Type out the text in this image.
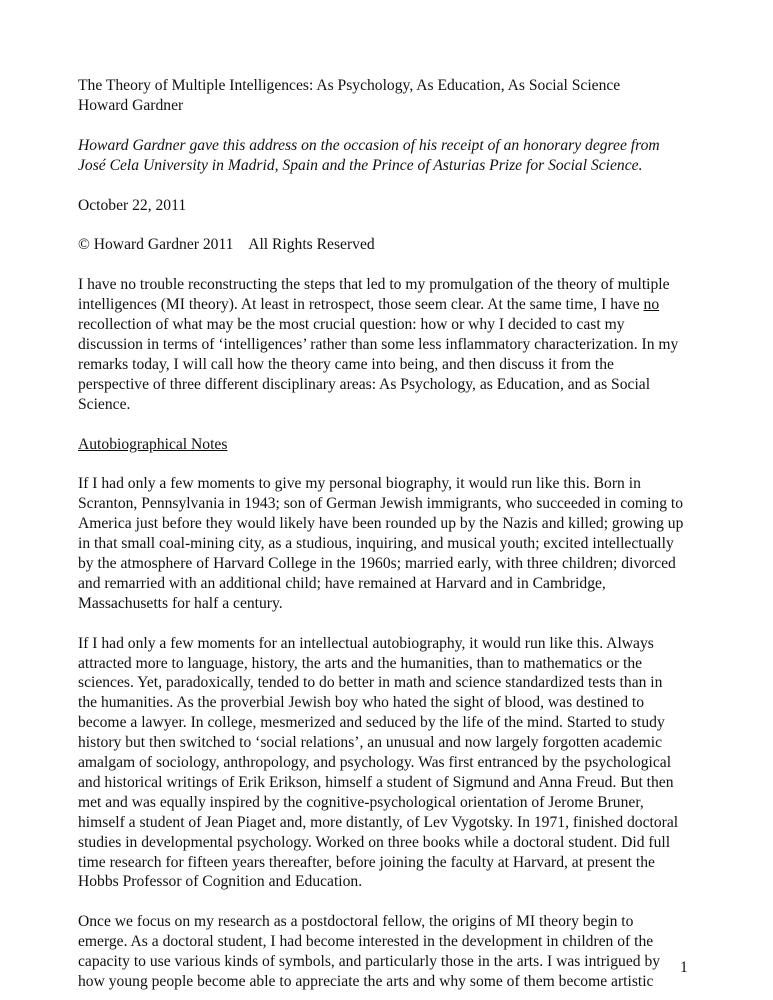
The Theory of Multiple Intelligences: As Psychology, As Education, As Social Science
Howard Gardner
Howard Gardner gave this address on the occasion of his receipt of an honorary degree from
José Cela University in Madrid, Spain and the Prince of Asturias Prize for Social Science.
October 22, 2011
© Howard Gardner 2011    All Rights Reserved
I have no trouble reconstructing the steps that led to my promulgation of the theory of multiple
intelligences (MI theory). At least in retrospect, those seem clear. At the same time, I have no
recollection of what may be the most crucial question: how or why I decided to cast my
discussion in terms of ‘intelligences’ rather than some less inflammatory characterization. In my
remarks today, I will call how the theory came into being, and then discuss it from the
perspective of three different disciplinary areas: As Psychology, as Education, and as Social
Science.
Autobiographical Notes
If I had only a few moments to give my personal biography, it would run like this. Born in
Scranton, Pennsylvania in 1943; son of German Jewish immigrants, who succeeded in coming to
America just before they would likely have been rounded up by the Nazis and killed; growing up
in that small coal-mining city, as a studious, inquiring, and musical youth; excited intellectually
by the atmosphere of Harvard College in the 1960s; married early, with three children; divorced
and remarried with an additional child; have remained at Harvard and in Cambridge,
Massachusetts for half a century.
If I had only a few moments for an intellectual autobiography, it would run like this. Always
attracted more to language, history, the arts and the humanities, than to mathematics or the
sciences. Yet, paradoxically, tended to do better in math and science standardized tests than in
the humanities. As the proverbial Jewish boy who hated the sight of blood, was destined to
become a lawyer. In college, mesmerized and seduced by the life of the mind. Started to study
history but then switched to ‘social relations’, an unusual and now largely forgotten academic
amalgam of sociology, anthropology, and psychology. Was first entranced by the psychological
and historical writings of Erik Erikson, himself a student of Sigmund and Anna Freud. But then
met and was equally inspired by the cognitive-psychological orientation of Jerome Bruner,
himself a student of Jean Piaget and, more distantly, of Lev Vygotsky. In 1971, finished doctoral
studies in developmental psychology. Worked on three books while a doctoral student. Did full
time research for fifteen years thereafter, before joining the faculty at Harvard, at present the
Hobbs Professor of Cognition and Education.
Once we focus on my research as a postdoctoral fellow, the origins of MI theory begin to
emerge. As a doctoral student, I had become interested in the development in children of the
capacity to use various kinds of symbols, and particularly those in the arts. I was intrigued by
how young people become able to appreciate the arts and why some of them become artistic
1
